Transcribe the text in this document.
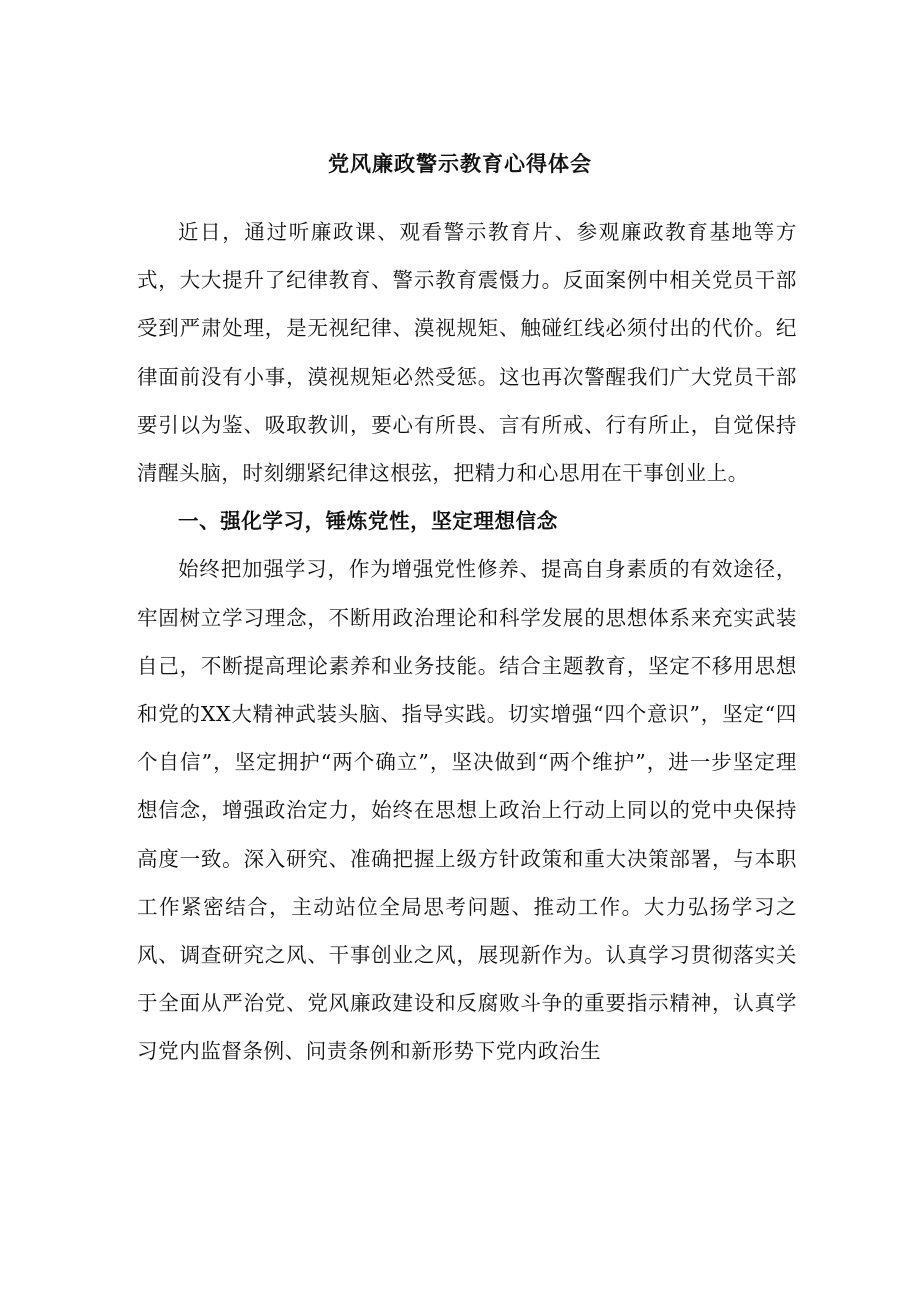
党风廉政警示教育心得体会

近日，通过听廉政课、观看警示教育片、参观廉政教育基地等方式，大大提升了纪律教育、警示教育震慑力。反面案例中相关党员干部受到严肃处理，是无视纪律、漠视规矩、触碰红线必须付出的代价。纪律面前没有小事，漠视规矩必然受惩。这也再次警醒我们广大党员干部要引以为鉴、吸取教训，要心有所畏、言有所戒、行有所止，自觉保持清醒头脑，时刻绷紧纪律这根弦，把精力和心思用在干事创业上。

一、强化学习，锤炼党性，坚定理想信念

始终把加强学习，作为增强党性修养、提高自身素质的有效途径，牢固树立学习理念，不断用政治理论和科学发展的思想体系来充实武装自己，不断提高理论素养和业务技能。结合主题教育，坚定不移用思想和党的XX大精神武装头脑、指导实践。切实增强“四个意识”，坚定“四个自信”，坚定拥护“两个确立”，坚决做到“两个维护”，进一步坚定理想信念，增强政治定力，始终在思想上政治上行动上同以的党中央保持高度一致。深入研究、准确把握上级方针政策和重大决策部署，与本职工作紧密结合，主动站位全局思考问题、推动工作。大力弘扬学习之风、调查研究之风、干事创业之风，展现新作为。认真学习贯彻落实关于全面从严治党、党风廉政建设和反腐败斗争的重要指示精神，认真学习党内监督条例、问责条例和新形势下党内政治生
